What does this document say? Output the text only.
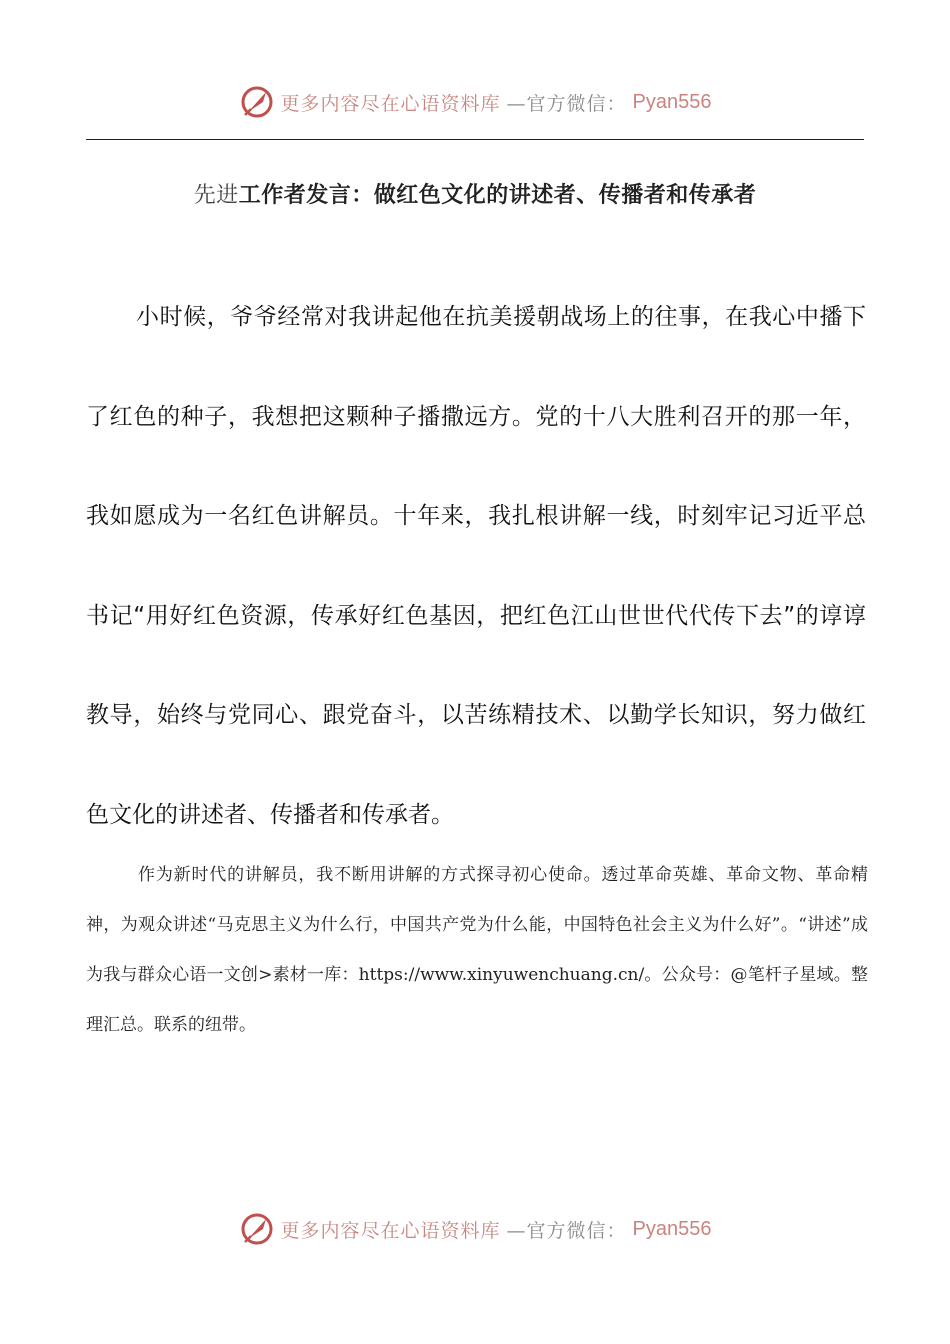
更多内容尽在心语资料库 —官方微信： Pyan556
先进工作者发言：做红色文化的讲述者、传播者和传承者

小时候，爷爷经常对我讲起他在抗美援朝战场上的往事，在我心中播下了红色的种子，我想把这颗种子播撒远方。党的十八大胜利召开的那一年，我如愿成为一名红色讲解员。十年来，我扎根讲解一线，时刻牢记习近平总书记“用好红色资源，传承好红色基因，把红色江山世世代代传下去”的谆谆教导，始终与党同心、跟党奋斗，以苦练精技术、以勤学长知识，努力做红色文化的讲述者、传播者和传承者。

作为新时代的讲解员，我不断用讲解的方式探寻初心使命。透过革命英雄、革命文物、革命精神，为观众讲述“马克思主义为什么行，中国共产党为什么能，中国特色社会主义为什么好”。“讲述”成为我与群众心语一文创>素材一库：https://www.xinyuwenchuang.cn/。公众号：@笔杆子星域。整理汇总。联系的纽带。

更多内容尽在心语资料库 —官方微信： Pyan556
